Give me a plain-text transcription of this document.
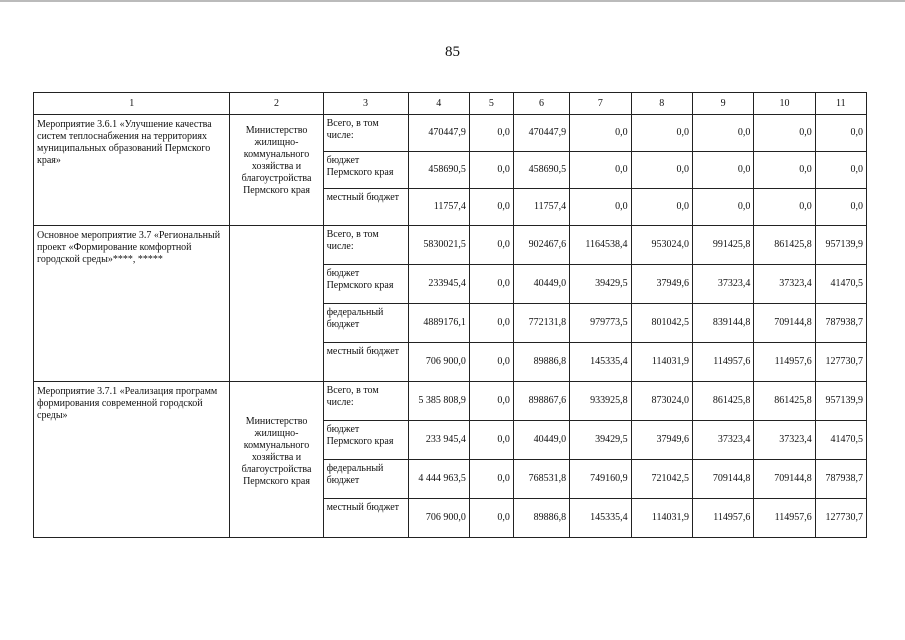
85
1	2	3	4	5	6	7	8	9	10	11
Мероприятие 3.6.1 «Улучшение качества систем теплоснабжения на территориях муниципальных образований Пермского края»	Министерство жилищно-коммунального хозяйства и благоустройства Пермского края	Всего, в том числе:	470447,9	0,0	470447,9	0,0	0,0	0,0	0,0	0,0
		бюджет Пермского края	458690,5	0,0	458690,5	0,0	0,0	0,0	0,0	0,0
		местный бюджет	11757,4	0,0	11757,4	0,0	0,0	0,0	0,0	0,0
Основное мероприятие 3.7 «Региональный проект «Формирование комфортной городской среды»****, *****		Всего, в том числе:	5830021,5	0,0	902467,6	1164538,4	953024,0	991425,8	861425,8	957139,9
		бюджет Пермского края	233945,4	0,0	40449,0	39429,5	37949,6	37323,4	37323,4	41470,5
		федеральный бюджет	4889176,1	0,0	772131,8	979773,5	801042,5	839144,8	709144,8	787938,7
		местный бюджет	706 900,0	0,0	89886,8	145335,4	114031,9	114957,6	114957,6	127730,7
Мероприятие 3.7.1 «Реализация программ формирования современной городской среды»	Министерство жилищно-коммунального хозяйства и благоустройства Пермского края	Всего, в том числе:	5 385 808,9	0,0	898867,6	933925,8	873024,0	861425,8	861425,8	957139,9
		бюджет Пермского края	233 945,4	0,0	40449,0	39429,5	37949,6	37323,4	37323,4	41470,5
		федеральный бюджет	4 444 963,5	0,0	768531,8	749160,9	721042,5	709144,8	709144,8	787938,7
		местный бюджет	706 900,0	0,0	89886,8	145335,4	114031,9	114957,6	114957,6	127730,7
